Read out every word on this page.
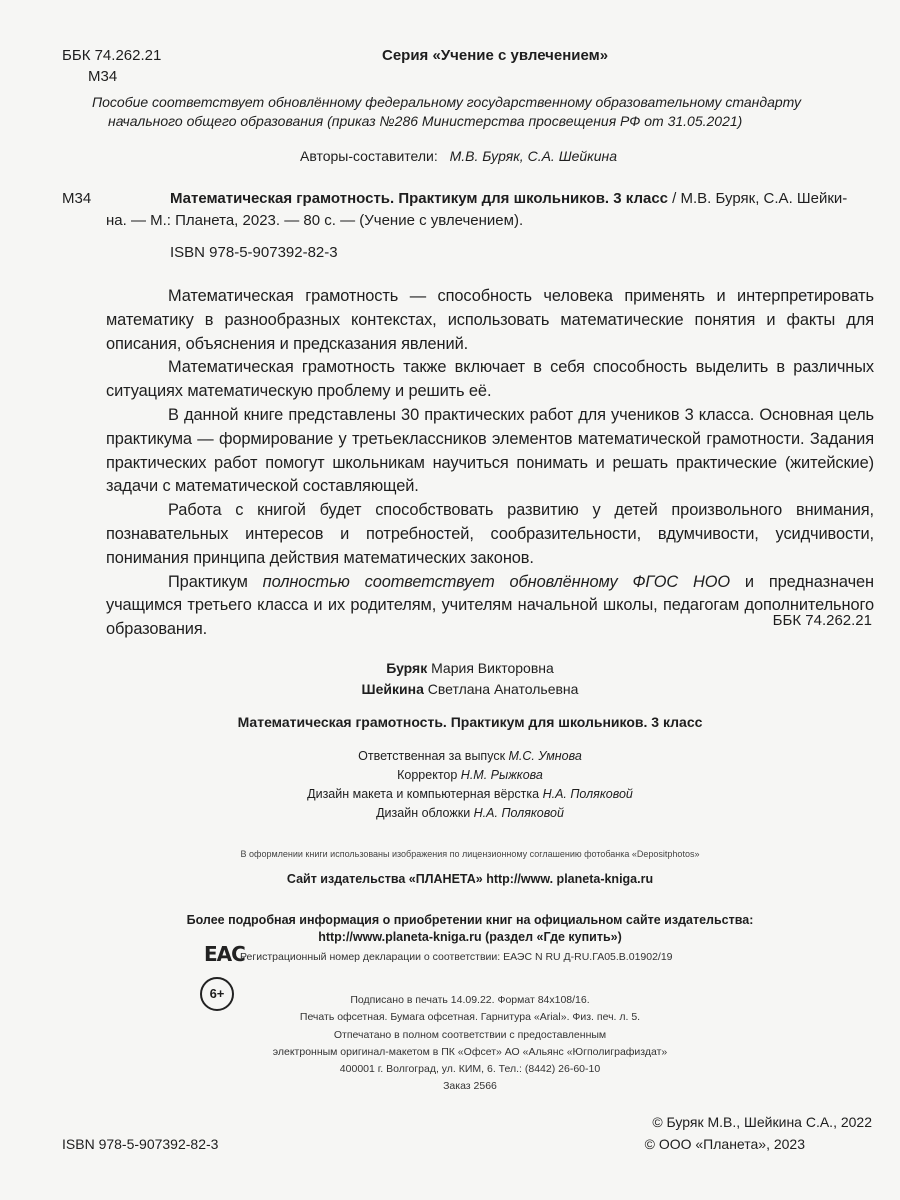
ББК 74.262.21
М34
Серия «Учение с увлечением»
Пособие соответствует обновлённому федеральному государственному образовательному стандарту
начального общего образования (приказ №286 Министерства просвещения РФ от 31.05.2021)
Авторы-составители: М.В. Буряк, С.А. Шейкина
М34	Математическая грамотность. Практикум для школьников. 3 класс / М.В. Буряк, С.А. Шейки-
на. — М.: Планета, 2023. — 80 с. — (Учение с увлечением).
ISBN 978-5-907392-82-3

Математическая грамотность — способность человека применять и интерпретировать математику в разнообразных контекстах, использовать математические понятия и факты для описания, объяснения и предсказания явлений.

Математическая грамотность также включает в себя способность выделить в различных ситуациях математическую проблему и решить её.

В данной книге представлены 30 практических работ для учеников 3 класса. Основная цель практикума — формирование у третьеклассников элементов математической грамотности. Задания практических работ помогут школьникам научиться понимать и решать практические (житейские) задачи с математической составляющей.

Работа с книгой будет способствовать развитию у детей произвольного внимания, познавательных интересов и потребностей, сообразительности, вдумчивости, усидчивости, понимания принципа действия математических законов.

Практикум полностью соответствует обновлённому ФГОС НОО и предназначен учащимся третьего класса и их родителям, учителям начальной школы, педагогам дополнительного образования.	ББК 74.262.21
Буряк Мария Викторовна
Шейкина Светлана Анатольевна
Математическая грамотность. Практикум для школьников. 3 класс
Ответственная за выпуск М.С. Умнова
Корректор Н.М. Рыжкова
Дизайн макета и компьютерная вёрстка Н.А. Поляковой
Дизайн обложки Н.А. Поляковой
В оформлении книги использованы изображения по лицензионному соглашению фотобанка «Depositphotos»
Сайт издательства «ПЛАНЕТА» http://www. planeta-kniga.ru
Более подробная информация о приобретении книг на официальном сайте издательства:
http://www.planeta-kniga.ru (раздел «Где купить»)
EAC
Регистрационный номер декларации о соответствии: ЕАЭС N RU Д-RU.ГА05.В.01902/19
6+	Подписано в печать 14.09.22. Формат 84х108/16.
Печать офсетная. Бумага офсетная. Гарнитура «Arial». Физ. печ. л. 5.
Отпечатано в полном соответствии с предоставленным
электронным оригинал-макетом в ПК «Офсет» АО «Альянс «Югполиграфиздат»
400001 г. Волгоград, ул. КИМ, 6. Тел.: (8442) 26-60-10
Заказ 2566
ISBN 978-5-907392-82-3
© Буряк М.В., Шейкина С.А., 2022
© ООО «Планета», 2023
